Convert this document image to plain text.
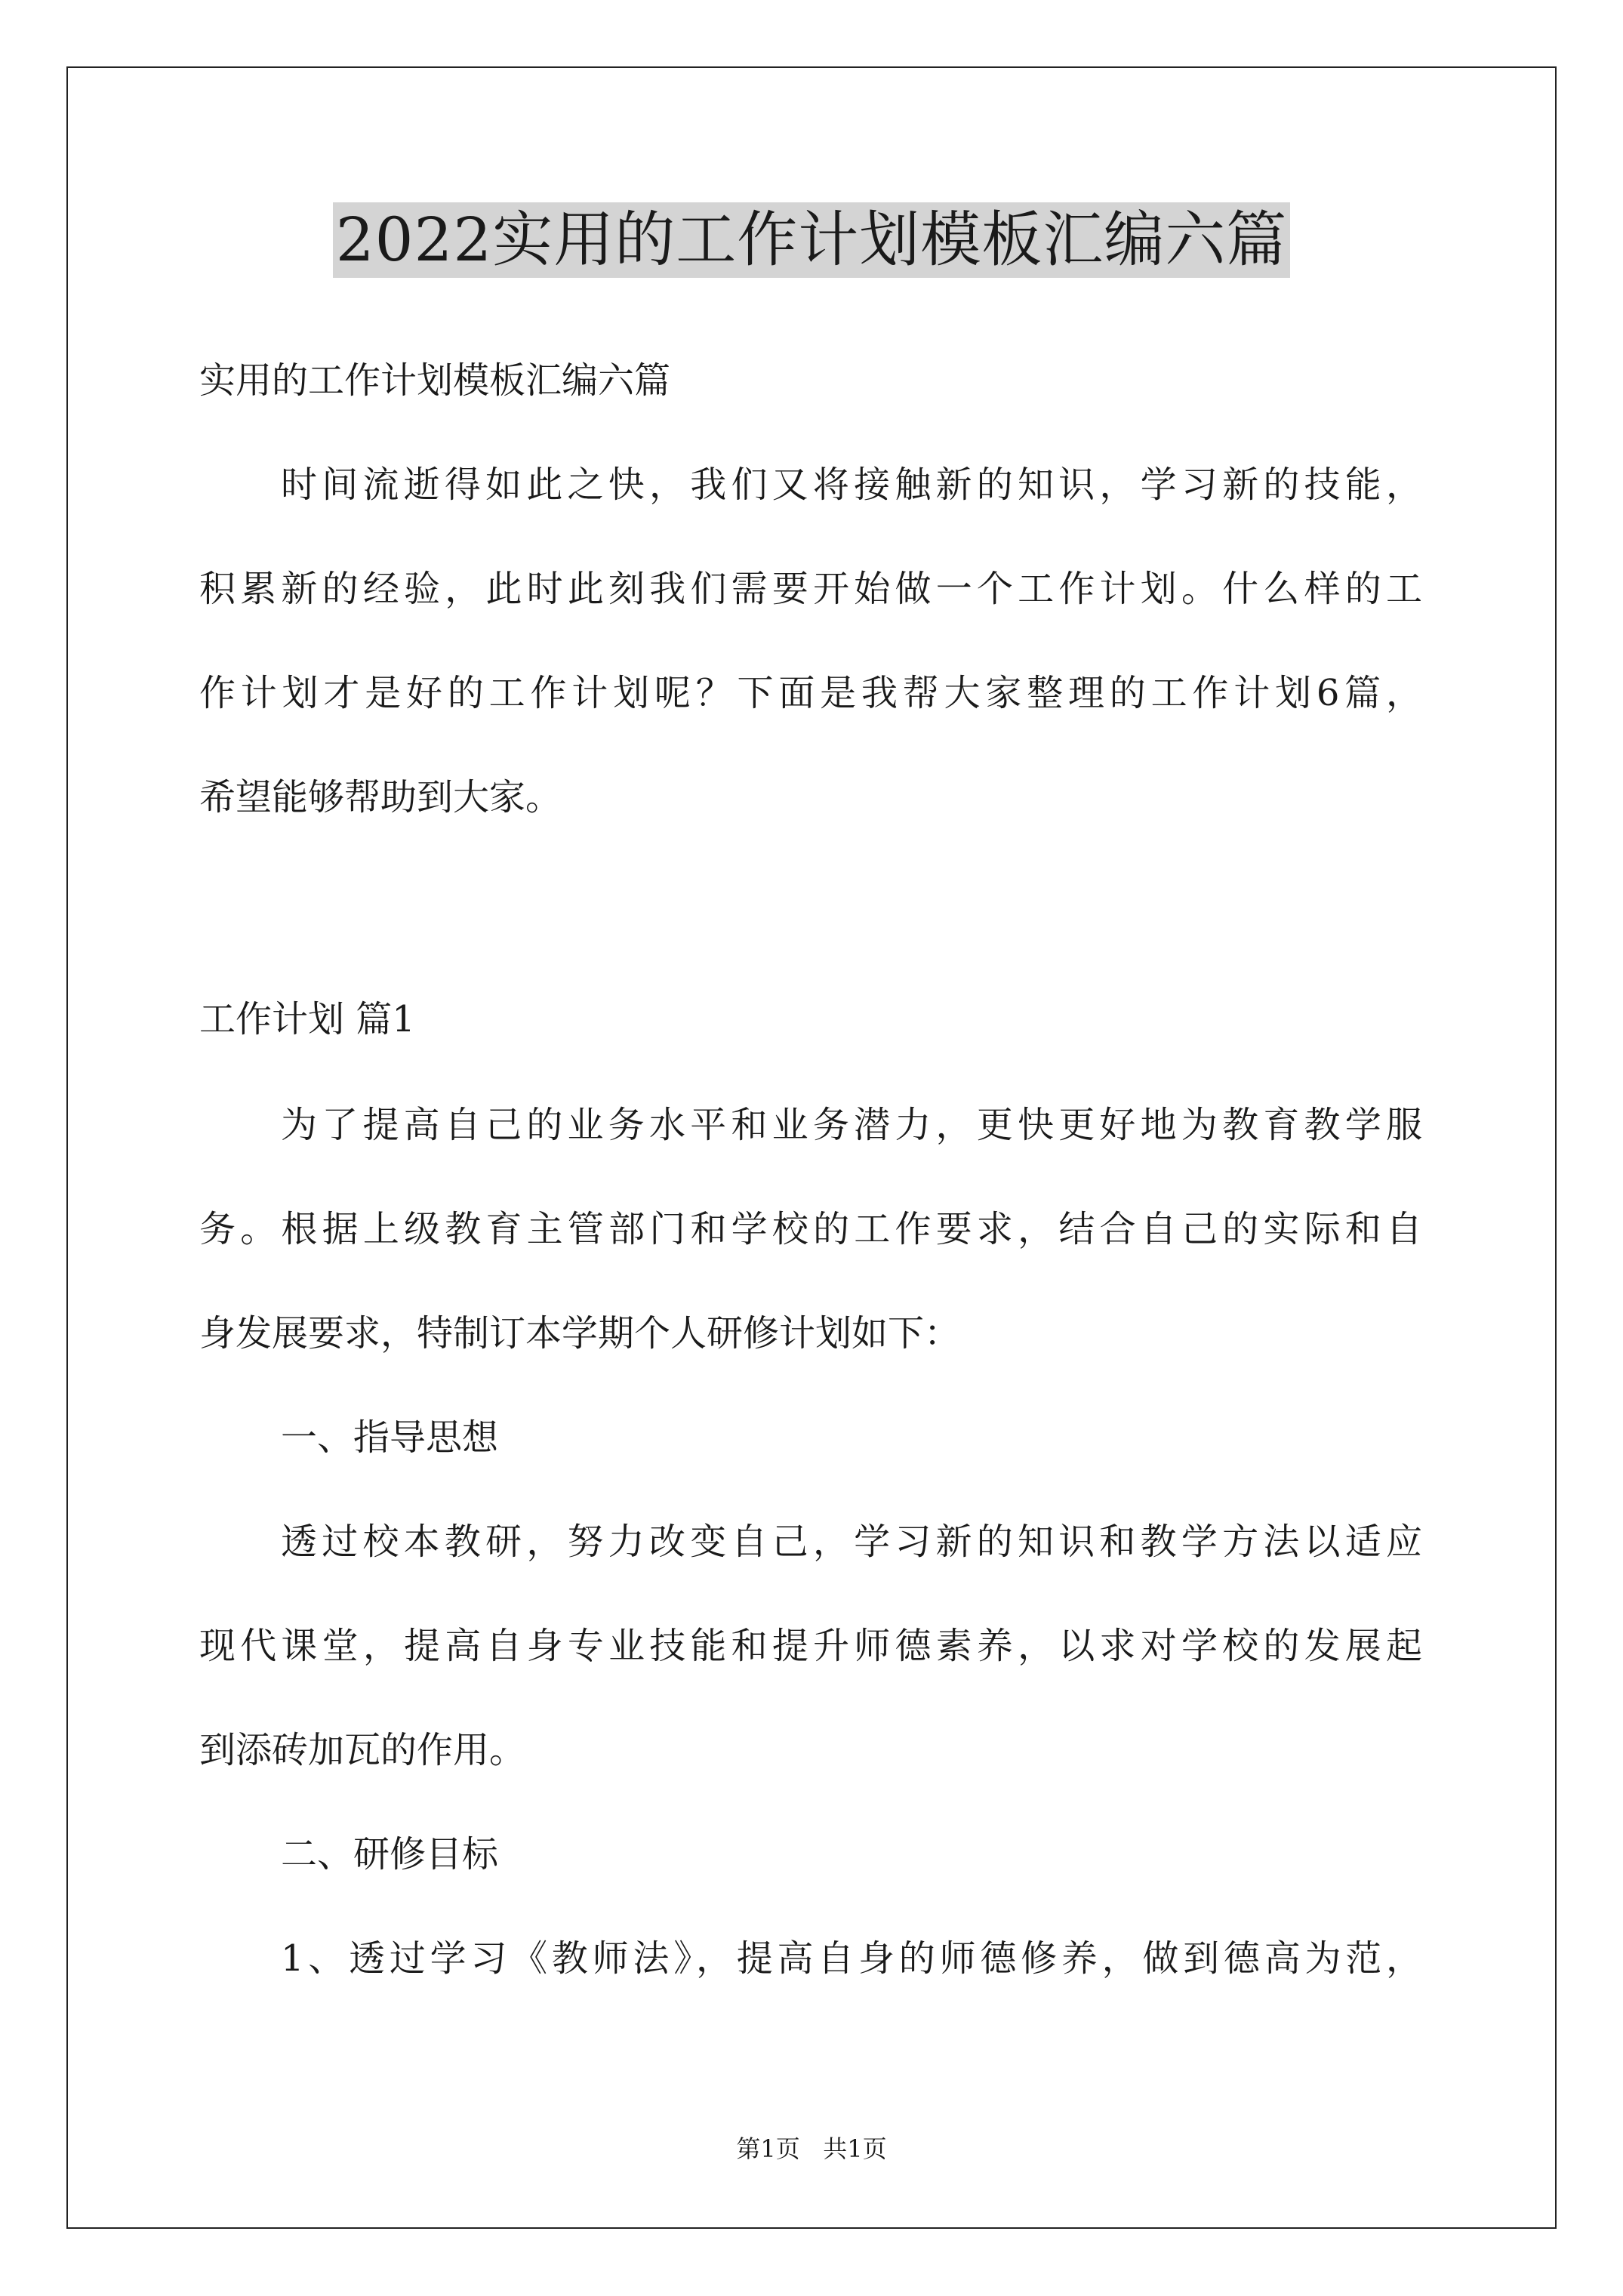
2022实用的工作计划模板汇编六篇
实用的工作计划模板汇编六篇
时间流逝得如此之快，我们又将接触新的知识，学习新的技能，
积累新的经验，此时此刻我们需要开始做一个工作计划。什么样的工
作计划才是好的工作计划呢？下面是我帮大家整理的工作计划6篇，
希望能够帮助到大家。
工作计划 篇1
为了提高自己的业务水平和业务潜力，更快更好地为教育教学服
务。根据上级教育主管部门和学校的工作要求，结合自己的实际和自
身发展要求，特制订本学期个人研修计划如下：
一、指导思想
透过校本教研，努力改变自己，学习新的知识和教学方法以适应
现代课堂，提高自身专业技能和提升师德素养，以求对学校的发展起
到添砖加瓦的作用。
二、研修目标
1、透过学习《教师法》，提高自身的师德修养，做到德高为范，
第1页   共1页
